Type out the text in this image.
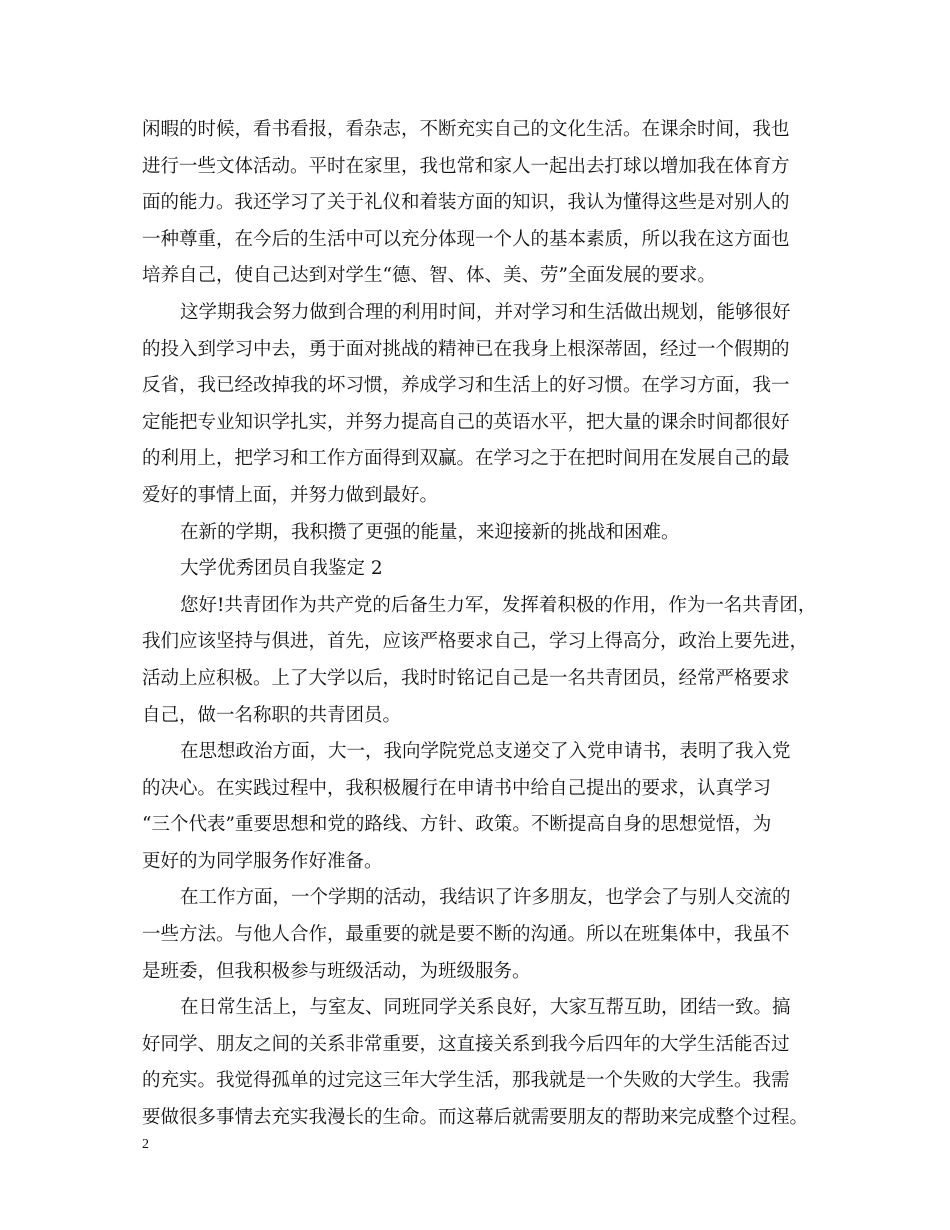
闲暇的时候，看书看报，看杂志，不断充实自己的文化生活。在课余时间，我也
进行一些文体活动。平时在家里，我也常和家人一起出去打球以增加我在体育方
面的能力。我还学习了关于礼仪和着装方面的知识，我认为懂得这些是对别人的
一种尊重，在今后的生活中可以充分体现一个人的基本素质，所以我在这方面也
培养自己，使自己达到对学生“德、智、体、美、劳”全面发展的要求。

这学期我会努力做到合理的利用时间，并对学习和生活做出规划，能够很好
的投入到学习中去，勇于面对挑战的精神已在我身上根深蒂固，经过一个假期的
反省，我已经改掉我的坏习惯，养成学习和生活上的好习惯。在学习方面，我一
定能把专业知识学扎实，并努力提高自己的英语水平，把大量的课余时间都很好
的利用上，把学习和工作方面得到双赢。在学习之于在把时间用在发展自己的最
爱好的事情上面，并努力做到最好。

在新的学期，我积攒了更强的能量，来迎接新的挑战和困难。

大学优秀团员自我鉴定 2

您好!共青团作为共产党的后备生力军，发挥着积极的作用，作为一名共青团，
我们应该坚持与俱进，首先，应该严格要求自己，学习上得高分，政治上要先进，
活动上应积极。上了大学以后，我时时铭记自己是一名共青团员，经常严格要求
自己，做一名称职的共青团员。

在思想政治方面，大一，我向学院党总支递交了入党申请书，表明了我入党
的决心。在实践过程中，我积极履行在申请书中给自己提出的要求，认真学习
“三个代表”重要思想和党的路线、方针、政策。不断提高自身的思想觉悟，为
更好的为同学服务作好准备。

在工作方面，一个学期的活动，我结识了许多朋友，也学会了与别人交流的
一些方法。与他人合作，最重要的就是要不断的沟通。所以在班集体中，我虽不
是班委，但我积极参与班级活动，为班级服务。

在日常生活上，与室友、同班同学关系良好，大家互帮互助，团结一致。搞
好同学、朋友之间的关系非常重要，这直接关系到我今后四年的大学生活能否过
的充实。我觉得孤单的过完这三年大学生活，那我就是一个失败的大学生。我需
要做很多事情去充实我漫长的生命。而这幕后就需要朋友的帮助来完成整个过程。

2
